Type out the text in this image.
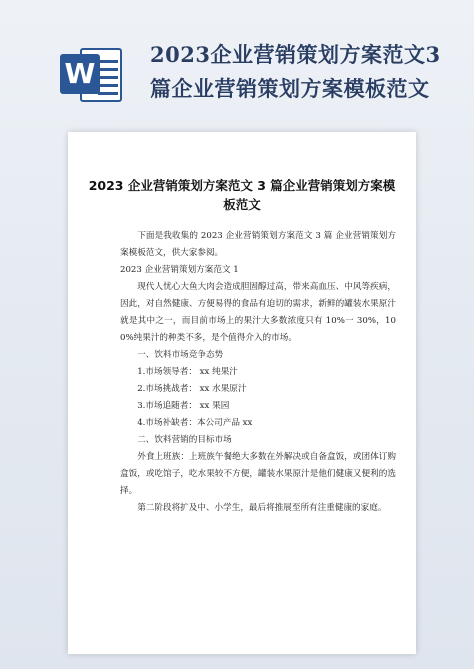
W
2023企业营销策划方案范文3篇企业营销策划方案模板范文
2023 企业营销策划方案范文 3 篇企业营销策划方案模板范文

下面是我收集的 2023 企业营销策划方案范文 3 篇 企业营销策划方案模板范文，供大家参阅。

2023 企业营销策划方案范文 1

现代人忧心大鱼大肉会造成胆固醇过高，带来高血压、中风等疾病，因此，对自然健康、方便易得的食品有迫切的需求，新鲜的罐装水果原汁就是其中之一，而目前市场上的果汁大多数浓度只有 10%一 30%，100%纯果汁的种类不多，是个值得介入的市场。

一、饮料市场竞争态势

1.市场领导者： xx 纯果汁

2.市场挑战者： xx 水果原汁

3.市场追随者： xx 果园

4.市场补缺者：本公司产品 xx

二、饮料营销的目标市场

外食上班族：上班族午餐绝大多数在外解决或自备盒饭，或团体订购盒饭，或吃馆子，吃水果较不方便，罐装水果原汁是他们健康又便利的选择。

第二阶段将扩及中、小学生，最后将推展至所有注重健康的家庭。
